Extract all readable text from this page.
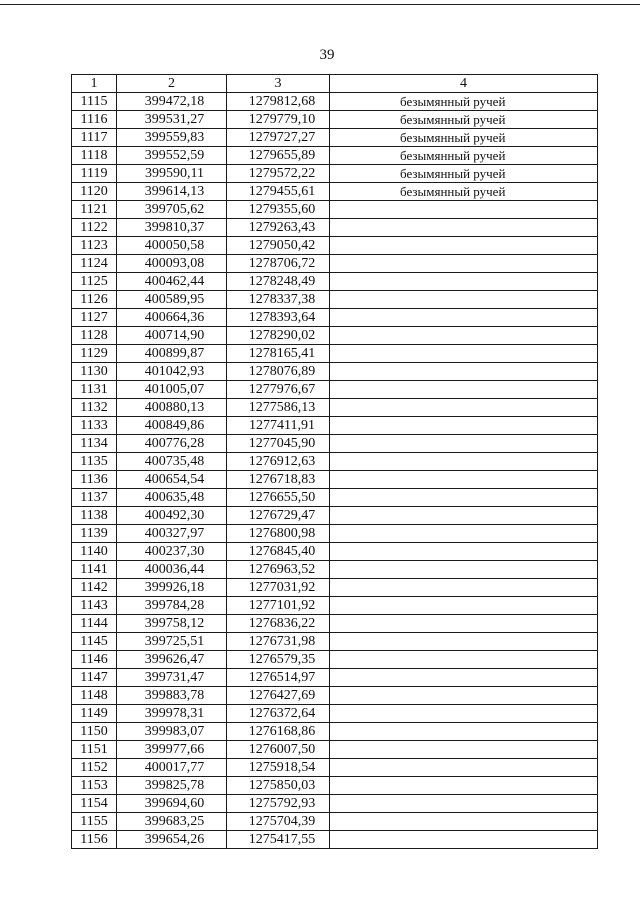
39
1	2	3	4
1115	399472,18	1279812,68	безымянный ручей
1116	399531,27	1279779,10	безымянный ручей
1117	399559,83	1279727,27	безымянный ручей
1118	399552,59	1279655,89	безымянный ручей
1119	399590,11	1279572,22	безымянный ручей
1120	399614,13	1279455,61	безымянный ручей
1121	399705,62	1279355,60	
1122	399810,37	1279263,43	
1123	400050,58	1279050,42	
1124	400093,08	1278706,72	
1125	400462,44	1278248,49	
1126	400589,95	1278337,38	
1127	400664,36	1278393,64	
1128	400714,90	1278290,02	
1129	400899,87	1278165,41	
1130	401042,93	1278076,89	
1131	401005,07	1277976,67	
1132	400880,13	1277586,13	
1133	400849,86	1277411,91	
1134	400776,28	1277045,90	
1135	400735,48	1276912,63	
1136	400654,54	1276718,83	
1137	400635,48	1276655,50	
1138	400492,30	1276729,47	
1139	400327,97	1276800,98	
1140	400237,30	1276845,40	
1141	400036,44	1276963,52	
1142	399926,18	1277031,92	
1143	399784,28	1277101,92	
1144	399758,12	1276836,22	
1145	399725,51	1276731,98	
1146	399626,47	1276579,35	
1147	399731,47	1276514,97	
1148	399883,78	1276427,69	
1149	399978,31	1276372,64	
1150	399983,07	1276168,86	
1151	399977,66	1276007,50	
1152	400017,77	1275918,54	
1153	399825,78	1275850,03	
1154	399694,60	1275792,93	
1155	399683,25	1275704,39	
1156	399654,26	1275417,55	
